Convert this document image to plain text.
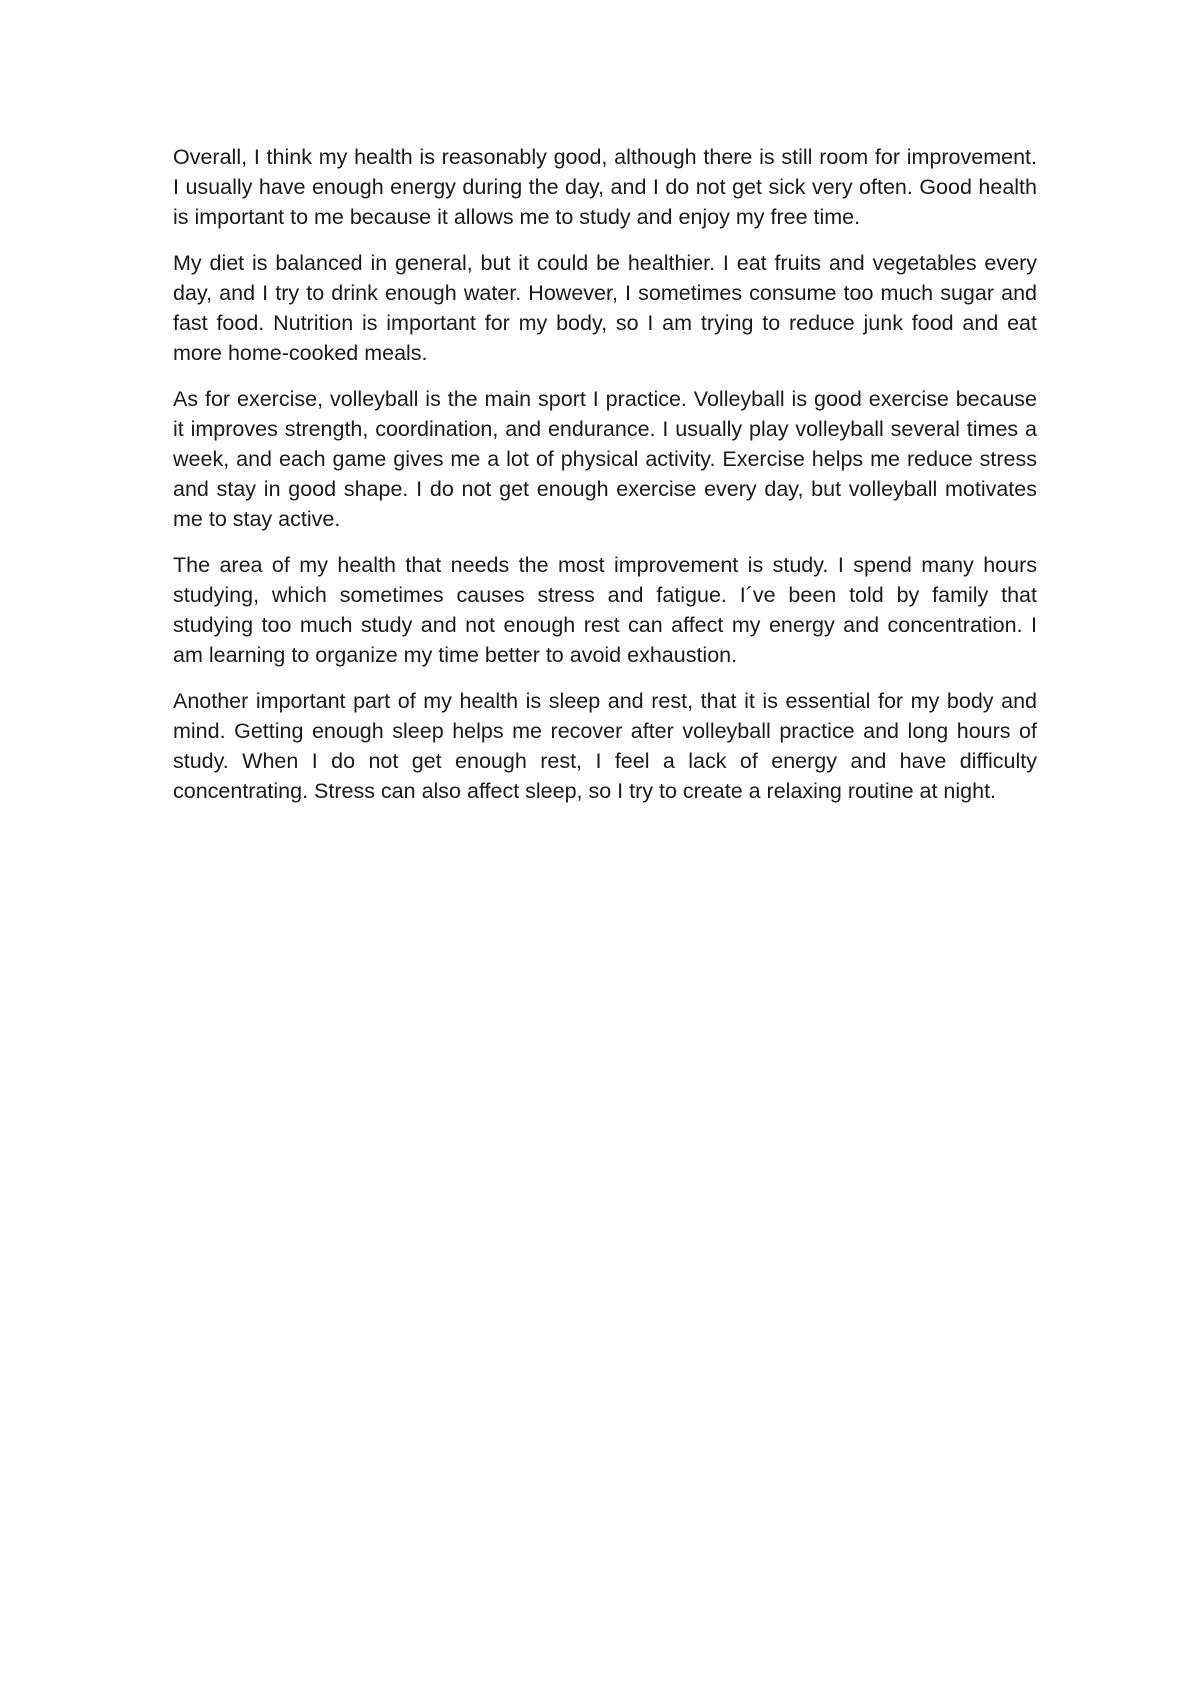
Overall, I think my health is reasonably good, although there is still room for improvement. I usually have enough energy during the day, and I do not get sick very often. Good health is important to me because it allows me to study and enjoy my free time.

My diet is balanced in general, but it could be healthier. I eat fruits and vegetables every day, and I try to drink enough water. However, I sometimes consume too much sugar and fast food. Nutrition is important for my body, so I am trying to reduce junk food and eat more home-cooked meals.

As for exercise, volleyball is the main sport I practice. Volleyball is good exercise because it improves strength, coordination, and endurance. I usually play volleyball several times a week, and each game gives me a lot of physical activity. Exercise helps me reduce stress and stay in good shape. I do not get enough exercise every day, but volleyball motivates me to stay active.

The area of my health that needs the most improvement is study. I spend many hours studying, which sometimes causes stress and fatigue. I´ve been told by family that studying too much study and not enough rest can affect my energy and concentration. I am learning to organize my time better to avoid exhaustion.

Another important part of my health is sleep and rest, that it is essential for my body and mind. Getting enough sleep helps me recover after volleyball practice and long hours of study. When I do not get enough rest, I feel a lack of energy and have difficulty concentrating. Stress can also affect sleep, so I try to create a relaxing routine at night.
